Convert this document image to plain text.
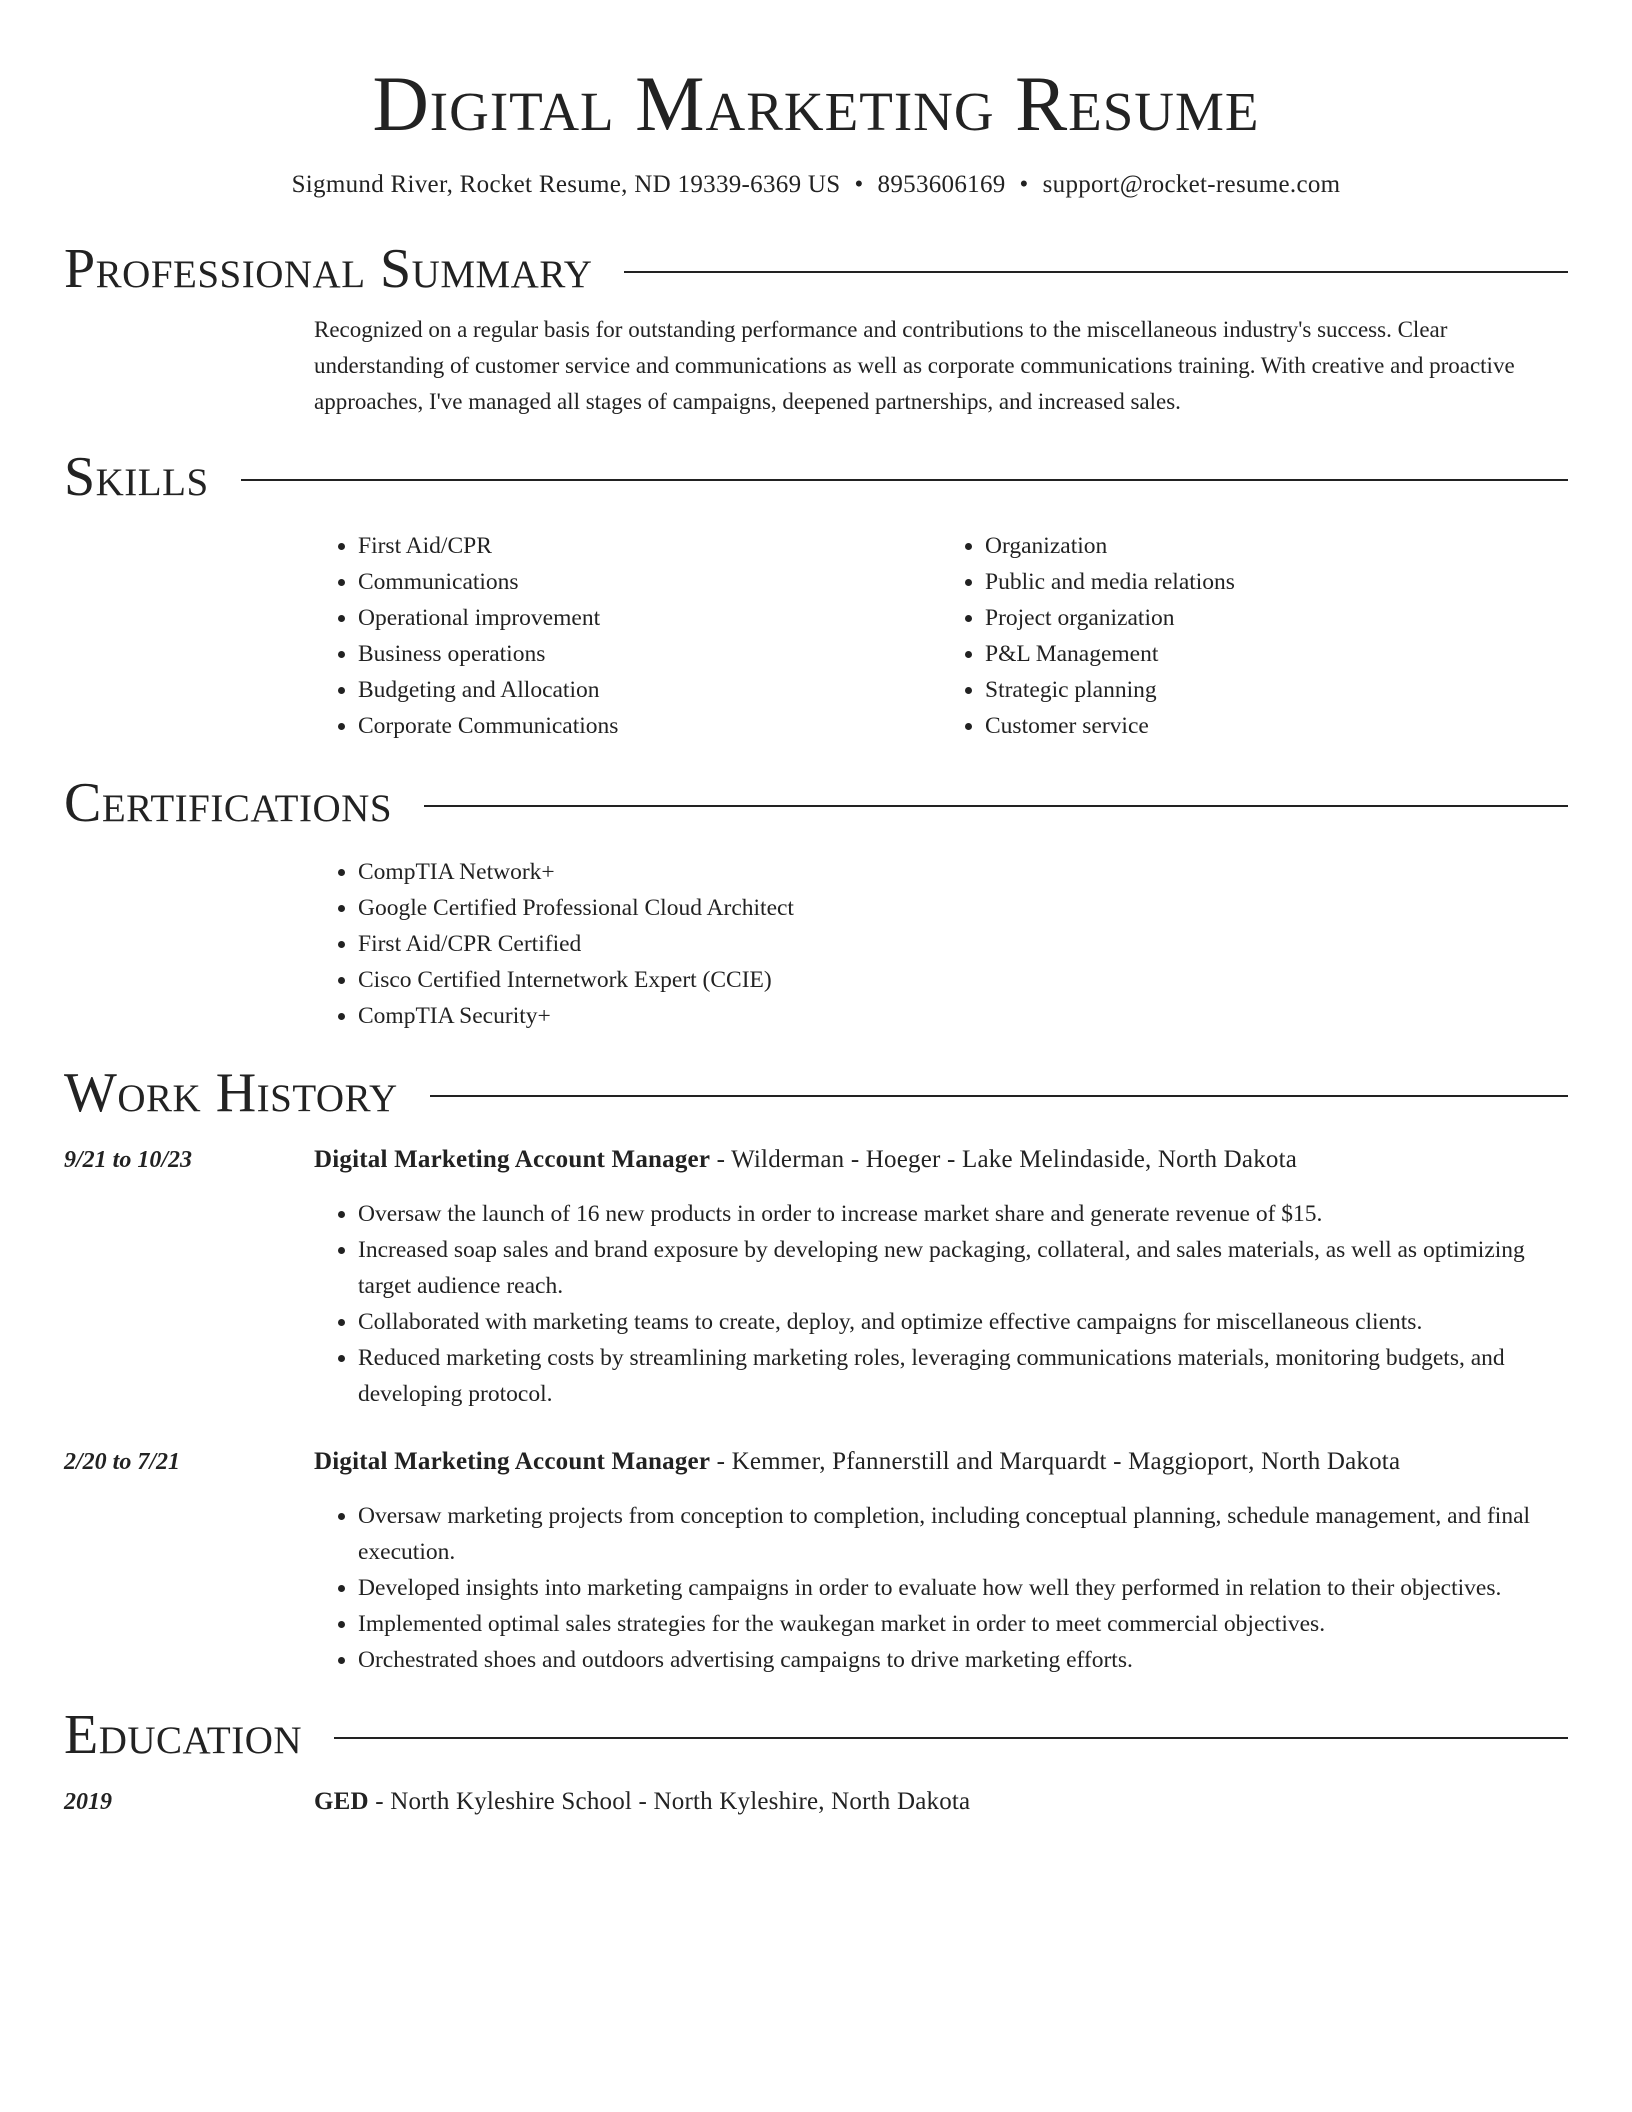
Digital Marketing Resume
Sigmund River, Rocket Resume, ND 19339-6369 US • 8953606169 • support@rocket-resume.com
Professional Summary
Recognized on a regular basis for outstanding performance and contributions to the miscellaneous industry's success. Clear understanding of customer service and communications as well as corporate communications training. With creative and proactive approaches, I've managed all stages of campaigns, deepened partnerships, and increased sales.
Skills
• First Aid/CPR
• Communications
• Operational improvement
• Business operations
• Budgeting and Allocation
• Corporate Communications
• Organization
• Public and media relations
• Project organization
• P&L Management
• Strategic planning
• Customer service
Certifications
• CompTIA Network+
• Google Certified Professional Cloud Architect
• First Aid/CPR Certified
• Cisco Certified Internetwork Expert (CCIE)
• CompTIA Security+
Work History
9/21 to 10/23	Digital Marketing Account Manager - Wilderman - Hoeger - Lake Melindaside, North Dakota
• Oversaw the launch of 16 new products in order to increase market share and generate revenue of $15.
• Increased soap sales and brand exposure by developing new packaging, collateral, and sales materials, as well as optimizing target audience reach.
• Collaborated with marketing teams to create, deploy, and optimize effective campaigns for miscellaneous clients.
• Reduced marketing costs by streamlining marketing roles, leveraging communications materials, monitoring budgets, and developing protocol.
2/20 to 7/21	Digital Marketing Account Manager - Kemmer, Pfannerstill and Marquardt - Maggioport, North Dakota
• Oversaw marketing projects from conception to completion, including conceptual planning, schedule management, and final execution.
• Developed insights into marketing campaigns in order to evaluate how well they performed in relation to their objectives.
• Implemented optimal sales strategies for the waukegan market in order to meet commercial objectives.
• Orchestrated shoes and outdoors advertising campaigns to drive marketing efforts.
Education
2019	GED - North Kyleshire School - North Kyleshire, North Dakota
